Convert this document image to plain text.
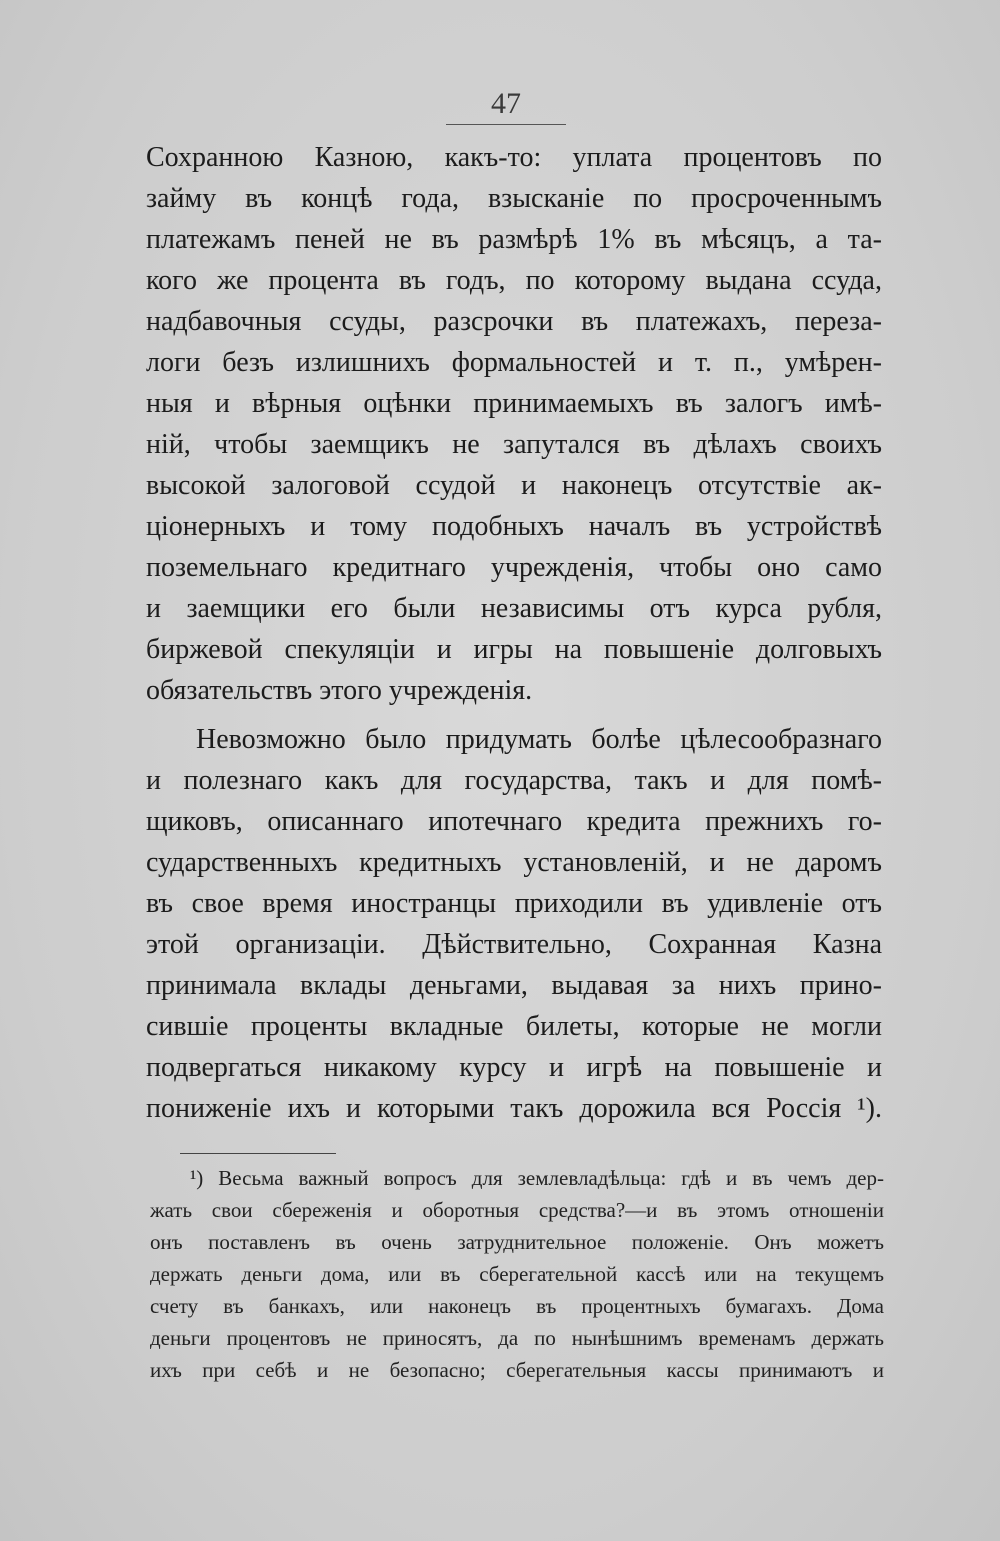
47
Сохранною Казною, какъ-то: уплата процентовъ по
займу въ концѣ года, взысканіе по просроченнымъ
платежамъ пеней не въ размѣрѣ 1% въ мѣсяцъ, а та-
кого же процента въ годъ, по которому выдана ссуда,
надбавочныя ссуды, разсрочки въ платежахъ, переза-
логи безъ излишнихъ формальностей и т. п., умѣрен-
ныя и вѣрныя оцѣнки принимаемыхъ въ залогъ имѣ-
ній, чтобы заемщикъ не запутался въ дѣлахъ своихъ
высокой залоговой ссудой и наконецъ отсутствіе ак-
ціонерныхъ и тому подобныхъ началъ въ устройствѣ
поземельнаго кредитнаго учрежденія, чтобы оно само
и заемщики его были независимы отъ курса рубля,
биржевой спекуляціи и игры на повышеніе долговыхъ
обязательствъ этого учрежденія.
Невозможно было придумать болѣе цѣлесообразнаго
и полезнаго какъ для государства, такъ и для помѣ-
щиковъ, описаннаго ипотечнаго кредита прежнихъ го-
сударственныхъ кредитныхъ установленій, и не даромъ
въ свое время иностранцы приходили въ удивленіе отъ
этой организаціи. Дѣйствительно, Сохранная Казна
принимала вклады деньгами, выдавая за нихъ прино-
сившіе проценты вкладные билеты, которые не могли
подвергаться никакому курсу и игрѣ на повышеніе и
пониженіе ихъ и которыми такъ дорожила вся Россія ¹).
¹) Весьма важный вопросъ для землевладѣльца: гдѣ и въ чемъ дер-
жать свои сбереженія и оборотныя средства?—и въ этомъ отношеніи
онъ поставленъ въ очень затруднительное положеніе. Онъ можетъ
держать деньги дома, или въ сберегательной кассѣ или на текущемъ
счету въ банкахъ, или наконецъ въ процентныхъ бумагахъ. Дома
деньги процентовъ не приносятъ, да по нынѣшнимъ временамъ держать
ихъ при себѣ и не безопасно; сберегательныя кассы принимаютъ и
